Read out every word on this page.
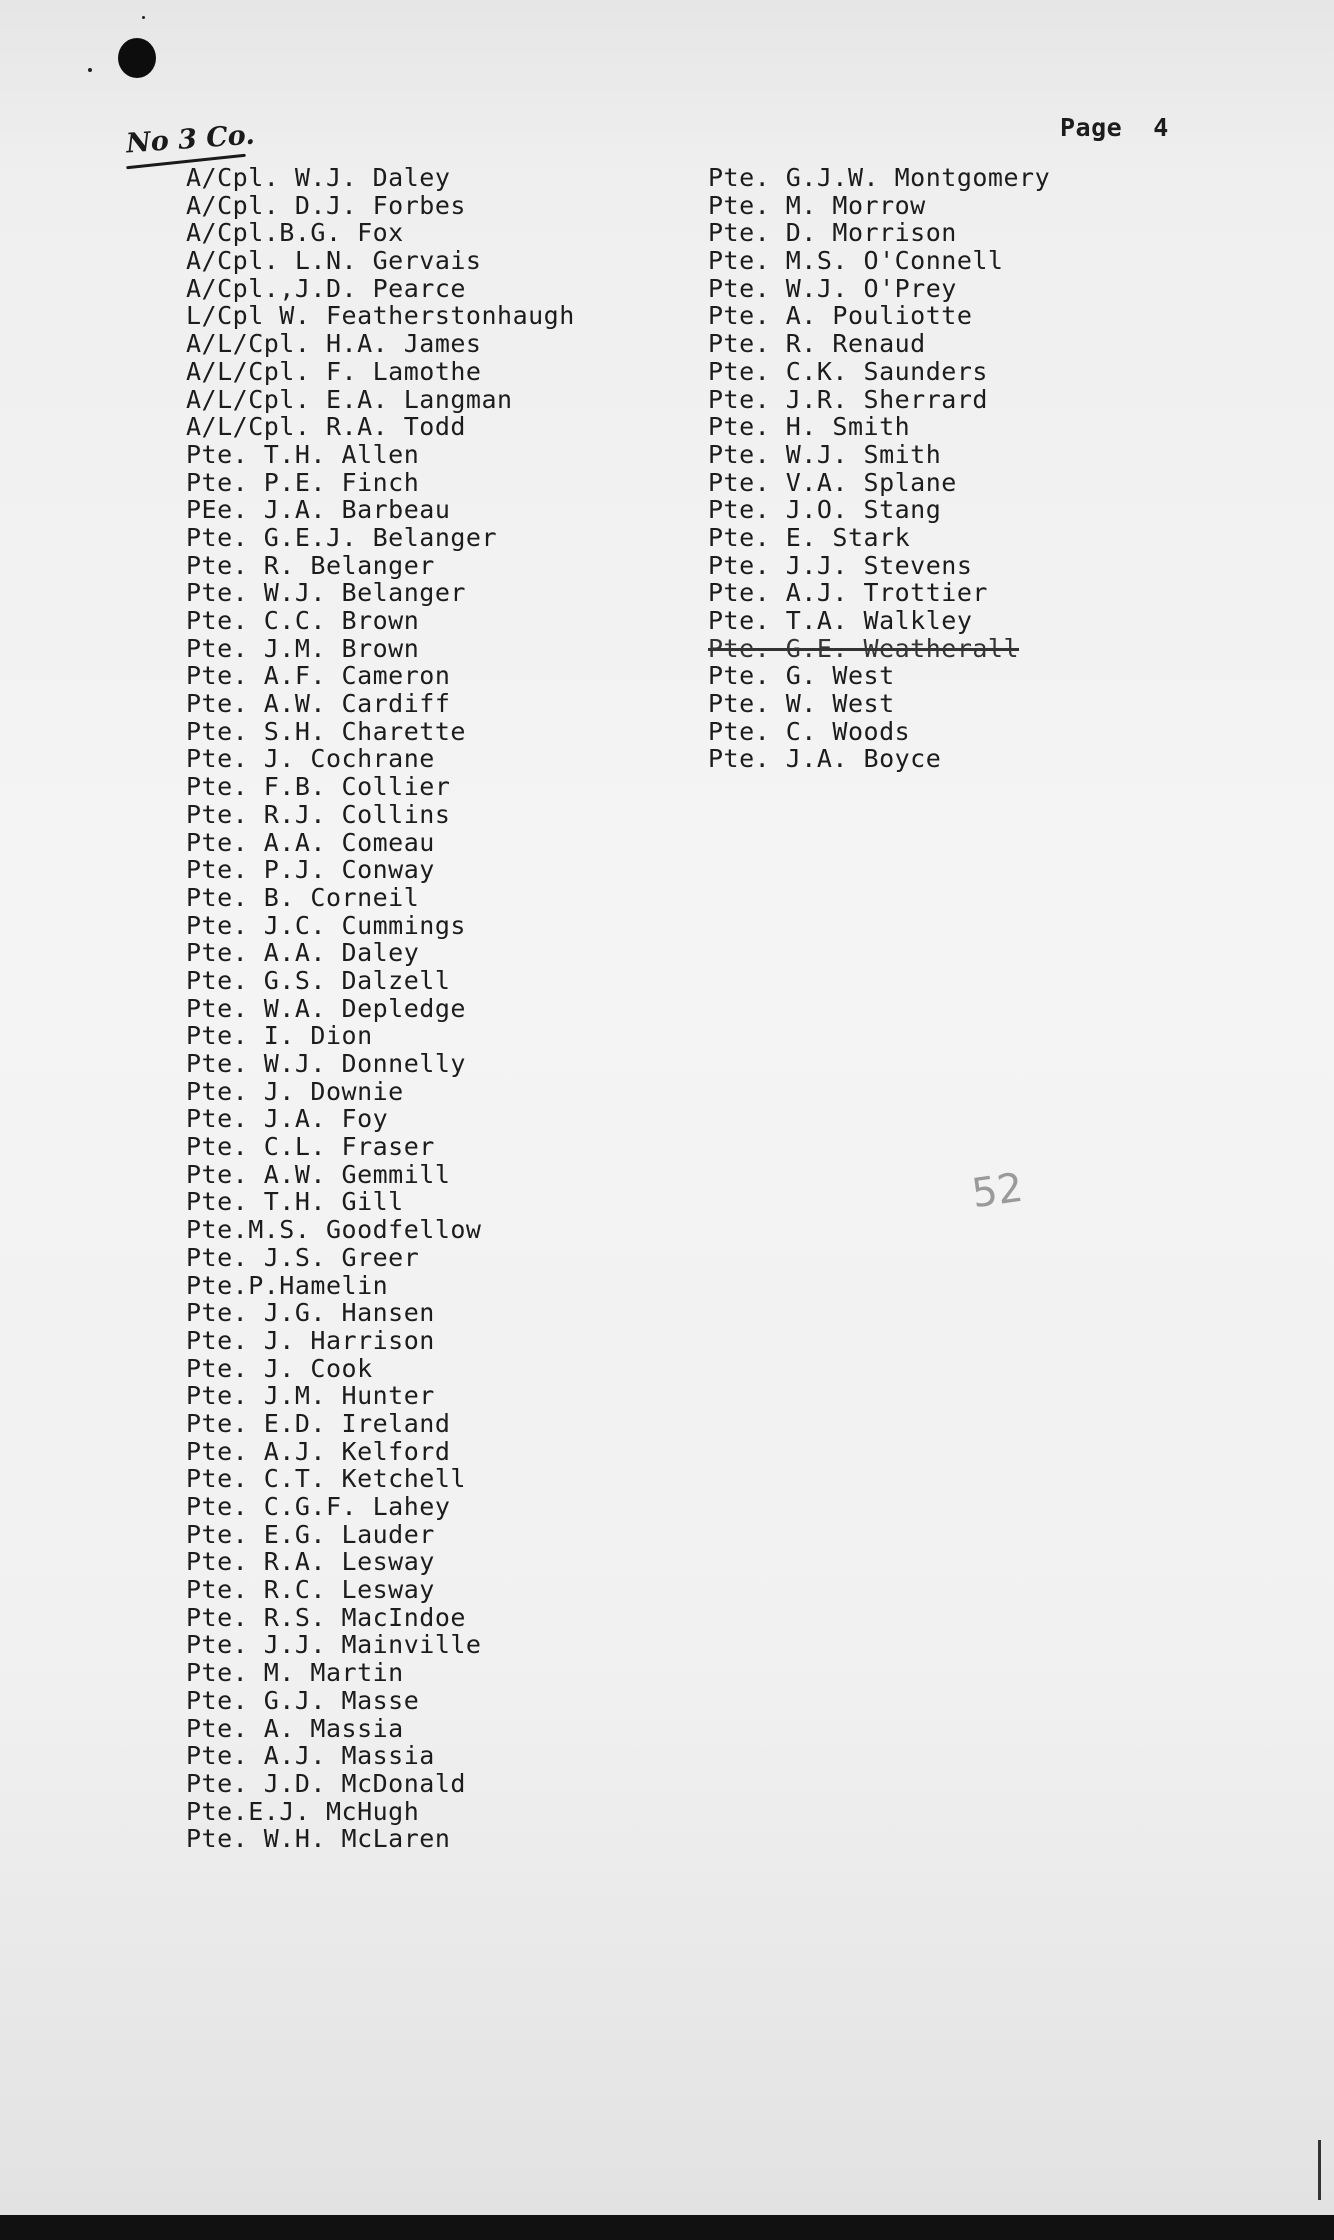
No 3 Co.	Page  4
A/Cpl. W.J. Daley
A/Cpl. D.J. Forbes
A/Cpl.B.G. Fox
A/Cpl. L.N. Gervais
A/Cpl.,J.D. Pearce
L/Cpl W. Featherstonhaugh
A/L/Cpl. H.A. James
A/L/Cpl. F. Lamothe
A/L/Cpl. E.A. Langman
A/L/Cpl. R.A. Todd
Pte. T.H. Allen
Pte. P.E. Finch
PEe. J.A. Barbeau
Pte. G.E.J. Belanger
Pte. R. Belanger
Pte. W.J. Belanger
Pte. C.C. Brown
Pte. J.M. Brown
Pte. A.F. Cameron
Pte. A.W. Cardiff
Pte. S.H. Charette
Pte. J. Cochrane
Pte. F.B. Collier
Pte. R.J. Collins
Pte. A.A. Comeau
Pte. P.J. Conway
Pte. B. Corneil
Pte. J.C. Cummings
Pte. A.A. Daley
Pte. G.S. Dalzell
Pte. W.A. Depledge
Pte. I. Dion
Pte. W.J. Donnelly
Pte. J. Downie
Pte. J.A. Foy
Pte. C.L. Fraser
Pte. A.W. Gemmill
Pte. T.H. Gill
Pte.M.S. Goodfellow
Pte. J.S. Greer
Pte.P.Hamelin
Pte. J.G. Hansen
Pte. J. Harrison
Pte. J. Cook
Pte. J.M. Hunter
Pte. E.D. Ireland
Pte. A.J. Kelford
Pte. C.T. Ketchell
Pte. C.G.F. Lahey
Pte. E.G. Lauder
Pte. R.A. Lesway
Pte. R.C. Lesway
Pte. R.S. MacIndoe
Pte. J.J. Mainville
Pte. M. Martin
Pte. G.J. Masse
Pte. A. Massia
Pte. A.J. Massia
Pte. J.D. McDonald
Pte.E.J. McHugh
Pte. W.H. McLaren
Pte. G.J.W. Montgomery
Pte. M. Morrow
Pte. D. Morrison
Pte. M.S. O'Connell
Pte. W.J. O'Prey
Pte. A. Pouliotte
Pte. R. Renaud
Pte. C.K. Saunders
Pte. J.R. Sherrard
Pte. H. Smith
Pte. W.J. Smith
Pte. V.A. Splane
Pte. J.O. Stang
Pte. E. Stark
Pte. J.J. Stevens
Pte. A.J. Trottier
Pte. T.A. Walkley
Pte. G.E. Weatherall
Pte. G. West
Pte. W. West
Pte. C. Woods
Pte. J.A. Boyce
52
